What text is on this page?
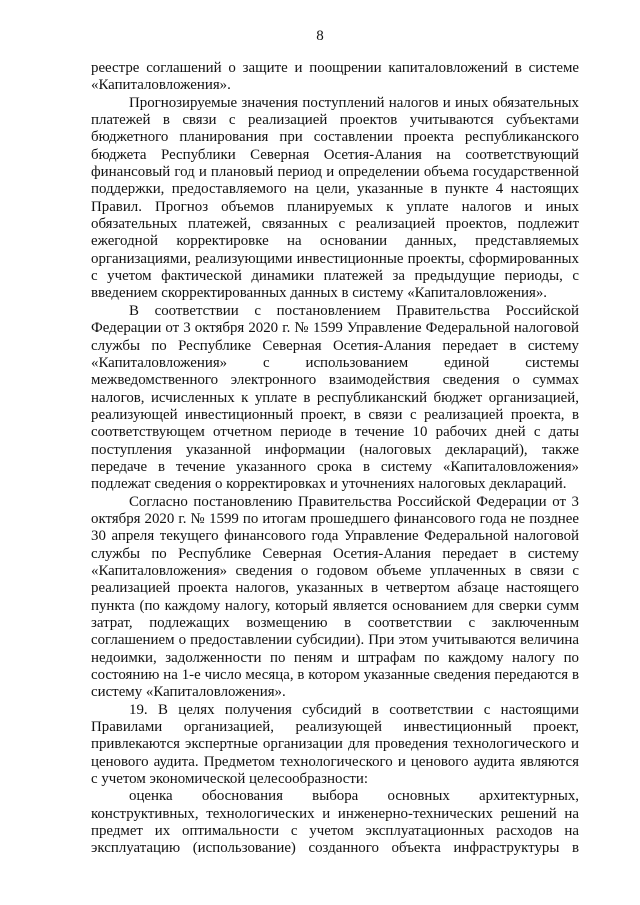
8

реестре соглашений о защите и поощрении капиталовложений в системе «Капиталовложения».

Прогнозируемые значения поступлений налогов и иных обязательных платежей в связи с реализацией проектов учитываются субъектами бюджетного планирования при составлении проекта республиканского бюджета Республики Северная Осетия-Алания на соответствующий финансовый год и плановый период и определении объема государственной поддержки, предоставляемого на цели, указанные в пункте 4 настоящих Правил. Прогноз объемов планируемых к уплате налогов и иных обязательных платежей, связанных с реализацией проектов, подлежит ежегодной корректировке на основании данных, представляемых организациями, реализующими инвестиционные проекты, сформированных с учетом фактической динамики платежей за предыдущие периоды, с введением скорректированных данных в систему «Капиталовложения».

В соответствии с постановлением Правительства Российской Федерации от 3 октября 2020 г. № 1599 Управление Федеральной налоговой службы по Республике Северная Осетия-Алания передает в систему «Капиталовложения» с использованием единой системы межведомственного электронного взаимодействия сведения о суммах налогов, исчисленных к уплате в республиканский бюджет организацией, реализующей инвестиционный проект, в связи с реализацией проекта, в соответствующем отчетном периоде в течение 10 рабочих дней с даты поступления указанной информации (налоговых деклараций), также передаче в течение указанного срока в систему «Капиталовложения» подлежат сведения о корректировках и уточнениях налоговых деклараций.

Согласно постановлению Правительства Российской Федерации от 3 октября 2020 г. № 1599 по итогам прошедшего финансового года не позднее 30 апреля текущего финансового года Управление Федеральной налоговой службы по Республике Северная Осетия-Алания передает в систему «Капиталовложения» сведения о годовом объеме уплаченных в связи с реализацией проекта налогов, указанных в четвертом абзаце настоящего пункта (по каждому налогу, который является основанием для сверки сумм затрат, подлежащих возмещению в соответствии с заключенным соглашением о предоставлении субсидии). При этом учитываются величина недоимки, задолженности по пеням и штрафам по каждому налогу по состоянию на 1-е число месяца, в котором указанные сведения передаются в систему «Капиталовложения».

19. В целях получения субсидий в соответствии с настоящими Правилами организацией, реализующей инвестиционный проект, привлекаются экспертные организации для проведения технологического и ценового аудита. Предметом технологического и ценового аудита являются с учетом экономической целесообразности:

оценка обоснования выбора основных архитектурных, конструктивных, технологических и инженерно-технических решений на предмет их оптимальности с учетом эксплуатационных расходов на эксплуатацию (использование) созданного объекта инфраструктуры в
